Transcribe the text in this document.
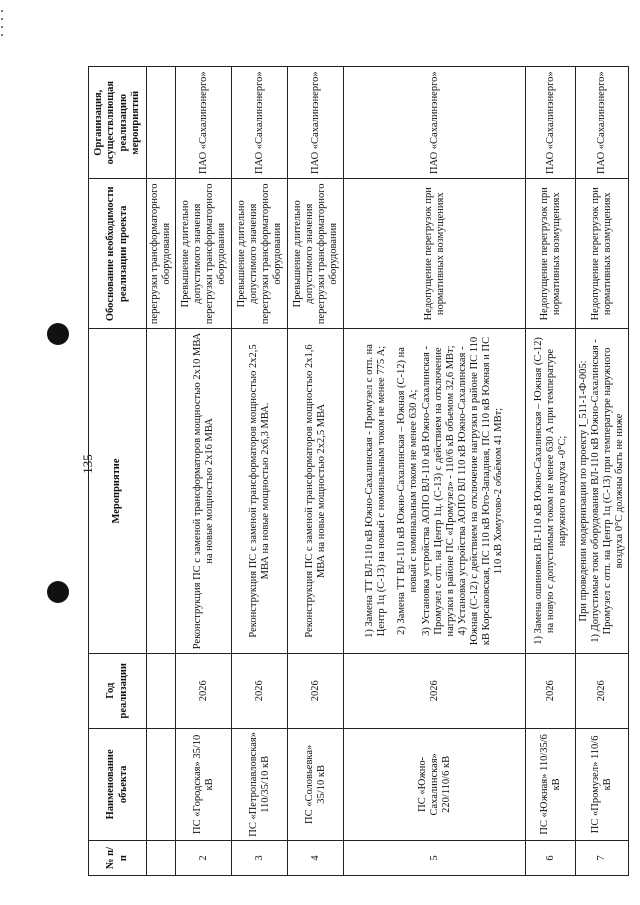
135
№ п/п	Наименование объекта	Год реализации	Мероприятие	Обоснование необходимости реализации проекта	Организация, осуществляющая реализацию мероприятий
				перегрузки трансформаторного оборудования	
2	ПС «Городская» 35/10 кВ	2026	Реконструкция ПС с заменой трансформаторов мощностью 2х10 МВА на новые мощностью 2х16 МВА	Превышение длительно допустимого значения перегрузки трансформаторного оборудования	ПАО «Сахалинэнерго»
3	ПС «Петропавловская» 110/35/10 кВ	2026	Реконструкция ПС с заменой трансформаторов мощностью 2х2,5 МВА на новые мощностью 2х6,3 МВА.	Превышение длительно допустимого значения перегрузки трансформаторного оборудования	ПАО «Сахалинэнерго»
4	ПС «Соловьевка» 35/10 кВ	2026	Реконструкция ПС с заменой трансформаторов мощностью 2х1,6 МВА на новые мощностью 2х2,5 МВА	Превышение длительно допустимого значения перегрузки трансформаторного оборудования	ПАО «Сахалинэнерго»
5	ПС «Южно-Сахалинская» 220/110/6 кВ	2026	1) Замена ТТ ВЛ-110 кВ Южно-Сахалинская - Промузел с отп. на Центр 1ц (С-13) на новый с номинальным током не менее 775 А; 2) Замена ТТ ВЛ-110 кВ Южно-Сахалинская – Южная (С-12) на новый с номинальным током не менее 630 А; 3) Установка устройства АОПО ВЛ-110 кВ Южно-Сахалинская - Промузел с отп. на Центр 1ц. (С-13) с действием на отключение нагрузки в районе ПС «Промузел» - 110/6 кВ объемом 32,6 МВт; 4) Установка устройства АОПО ВЛ 110 кВ Южно-Сахалинская - Южная (С-12) с действием на отключение нагрузки в районе ПС 110 кВ Корсаковская, ПС 110 кВ Юго-Западная, ПС 110 кВ Южная и ПС 110 кВ Хомутово-2 объёмом 41 МВт;	Недопущение перегрузок при нормативных возмущениях	ПАО «Сахалинэнерго»
6	ПС «Южная» 110/35/6 кВ	2026	1) Замена ошиновки ВЛ-110 кВ Южно-Сахалинская – Южная (С-12) на новую с допустимым током не менее 630 А при температуре наружного воздуха -0°С;	Недопущение перегрузок при нормативных возмущениях	ПАО «Сахалинэнерго»
7	ПС «Промузел» 110/6 кВ	2026	При проведении модернизации по проекту I_511-1-Ф-005: 1) Допустимые токи оборудования ВЛ-110 кВ Южно-Сахалинская - Промузел с отп. на Центр 1ц (С-13) при температуре наружного воздуха 0°С должны быть не ниже	Недопущение перегрузок при нормативных возмущениях	ПАО «Сахалинэнерго»
